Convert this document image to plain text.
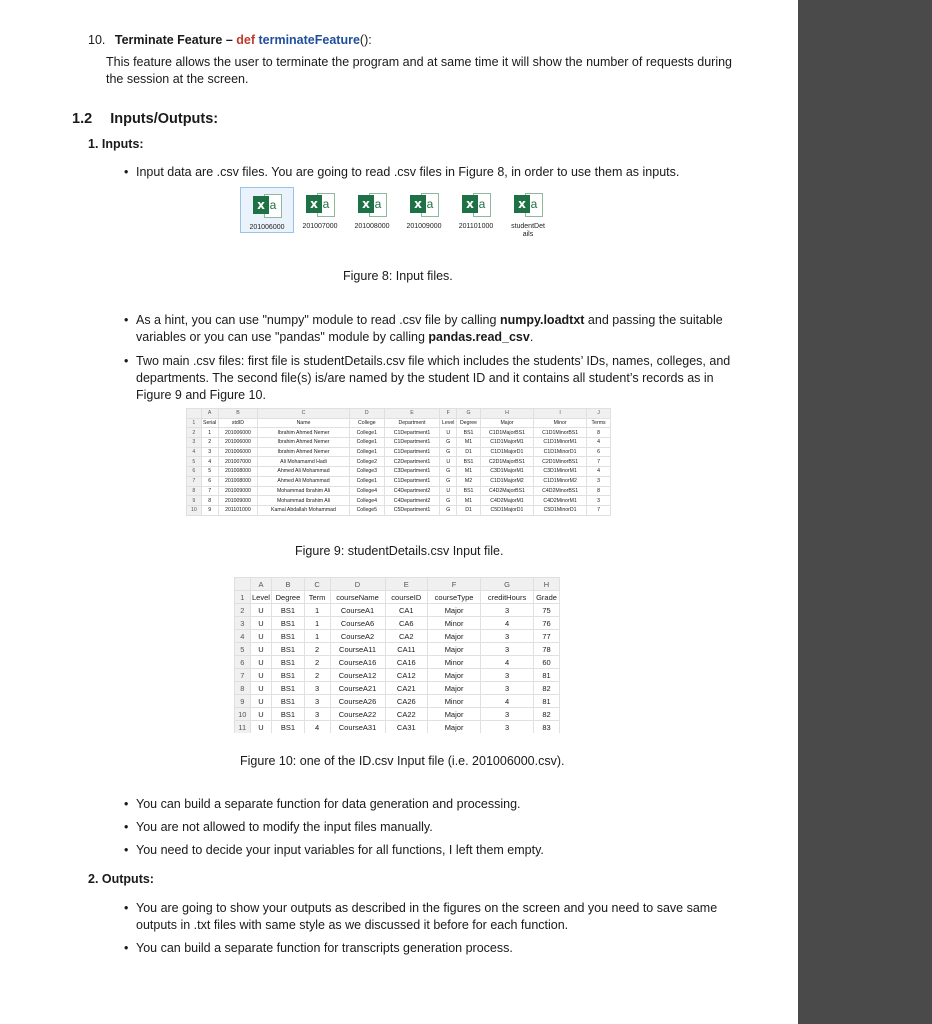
10. Terminate Feature – def terminateFeature():
This feature allows the user to terminate the program and at same time it will show the number of requests during
the session at the screen.
1.2 Inputs/Outputs:
1. Inputs:
• Input data are .csv files. You are going to read .csv files in Figure 8, in order to use them as inputs.
a
x
201006000
a
x
201007000
a
x
201008000
a
x
201009000
a
x
201101000
a
x
studentDet
ails
Figure 8: Input files.
• As a hint, you can use "numpy" module to read .csv file by calling numpy.loadtxt and passing the suitable
variables or you can use "pandas" module by calling pandas.read_csv.
• Two main .csv files: first file is studentDetails.csv file which includes the students’ IDs, names, colleges, and
departments. The second file(s) is/are named by the student ID and it contains all student’s records as in
Figure 9 and Figure 10.
	A	B	C	D	E	F	G	H	I	J
1	Serial	stdID	Name	College	Department	Level	Degree	Major	Minor	Terms
2	1	201006000	Ibrahim Ahmed Nemer	College1	C1Department1	U	BS1	C1D1MajorBS1	C1D1MinorBS1	8
3	2	201006000	Ibrahim Ahmed Nemer	College1	C1Department1	G	M1	C1D1MajorM1	C1D1MinorM1	4
4	3	201006000	Ibrahim Ahmed Nemer	College1	C1Department1	G	D1	C1D1MajorD1	C1D1MinorD1	6
5	4	201007000	Ali Mohamamd Hadi	College2	C2Department1	U	BS1	C2D1MajorBS1	C2D1MinorBS1	7
6	5	201008000	Ahmed Ali Mohammad	College3	C3Department1	G	M1	C3D1MajorM1	C3D1MinorM1	4
7	6	201008000	Ahmed Ali Mohammad	College1	C1Department1	G	M2	C1D1MajorM2	C1D1MinorM2	3
8	7	201009000	Mohammad Ibrahim Ali	College4	C4Department2	U	BS1	C4D2MajorBS1	C4D2MinorBS1	8
9	8	201009000	Mohammad Ibrahim Ali	College4	C4Department2	G	M1	C4D2MajorM1	C4D2MinorM1	3
10	9	201101000	Kamal Abdallah Mohammad	College5	C5Department1	G	D1	C5D1MajorD1	C5D1MinorD1	7
Figure 9: studentDetails.csv Input file.
	A	B	C	D	E	F	G	H
1	Level	Degree	Term	courseName	courseID	courseType	creditHours	Grade
2	U	BS1	1	CourseA1	CA1	Major	3	75
3	U	BS1	1	CourseA6	CA6	Minor	4	76
4	U	BS1	1	CourseA2	CA2	Major	3	77
5	U	BS1	2	CourseA11	CA11	Major	3	78
6	U	BS1	2	CourseA16	CA16	Minor	4	60
7	U	BS1	2	CourseA12	CA12	Major	3	81
8	U	BS1	3	CourseA21	CA21	Major	3	82
9	U	BS1	3	CourseA26	CA26	Minor	4	81
10	U	BS1	3	CourseA22	CA22	Major	3	82
11	U	BS1	4	CourseA31	CA31	Major	3	83
Figure 10: one of the ID.csv Input file (i.e. 201006000.csv).
• You can build a separate function for data generation and processing.
• You are not allowed to modify the input files manually.
• You need to decide your input variables for all functions, I left them empty.
2. Outputs:
• You are going to show your outputs as described in the figures on the screen and you need to save same
outputs in .txt files with same style as we discussed it before for each function.
• You can build a separate function for transcripts generation process.
